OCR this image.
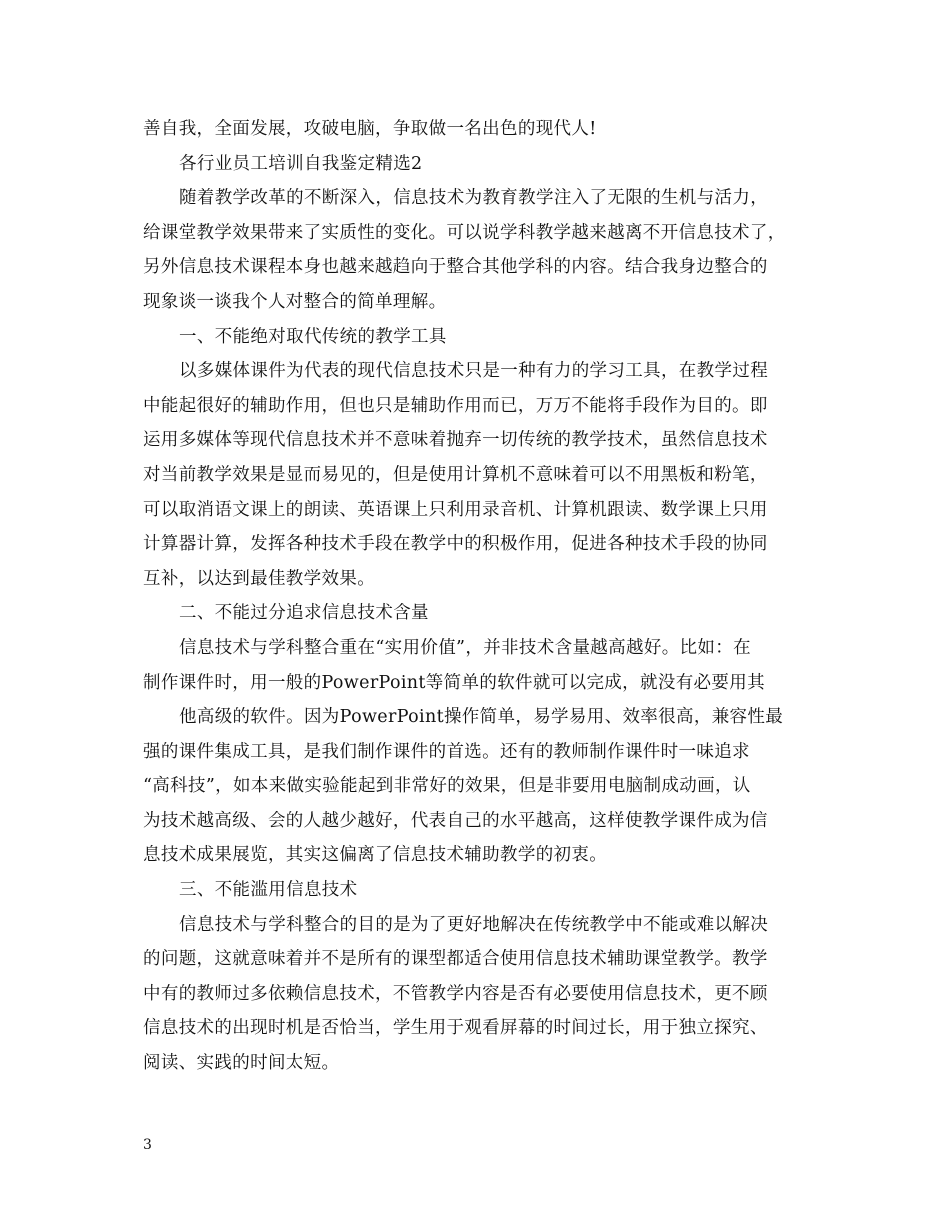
善自我，全面发展，攻破电脑，争取做一名出色的现代人!
各行业员工培训自我鉴定精选2
随着教学改革的不断深入，信息技术为教育教学注入了无限的生机与活力，
给课堂教学效果带来了实质性的变化。可以说学科教学越来越离不开信息技术了，
另外信息技术课程本身也越来越趋向于整合其他学科的内容。结合我身边整合的
现象谈一谈我个人对整合的简单理解。
一、不能绝对取代传统的教学工具
以多媒体课件为代表的现代信息技术只是一种有力的学习工具，在教学过程
中能起很好的辅助作用，但也只是辅助作用而已，万万不能将手段作为目的。即
运用多媒体等现代信息技术并不意味着抛弃一切传统的教学技术，虽然信息技术
对当前教学效果是显而易见的，但是使用计算机不意味着可以不用黑板和粉笔，
可以取消语文课上的朗读、英语课上只利用录音机、计算机跟读、数学课上只用
计算器计算，发挥各种技术手段在教学中的积极作用，促进各种技术手段的协同
互补，以达到最佳教学效果。
二、不能过分追求信息技术含量
信息技术与学科整合重在“实用价值”，并非技术含量越高越好。比如：在
制作课件时，用一般的PowerPoint等简单的软件就可以完成，就没有必要用其
他高级的软件。因为PowerPoint操作简单，易学易用、效率很高，兼容性最
强的课件集成工具，是我们制作课件的首选。还有的教师制作课件时一味追求
“高科技”，如本来做实验能起到非常好的效果，但是非要用电脑制成动画，认
为技术越高级、会的人越少越好，代表自己的水平越高，这样使教学课件成为信
息技术成果展览，其实这偏离了信息技术辅助教学的初衷。
三、不能滥用信息技术
信息技术与学科整合的目的是为了更好地解决在传统教学中不能或难以解决
的问题，这就意味着并不是所有的课型都适合使用信息技术辅助课堂教学。教学
中有的教师过多依赖信息技术，不管教学内容是否有必要使用信息技术，更不顾
信息技术的出现时机是否恰当，学生用于观看屏幕的时间过长，用于独立探究、
阅读、实践的时间太短。
3
